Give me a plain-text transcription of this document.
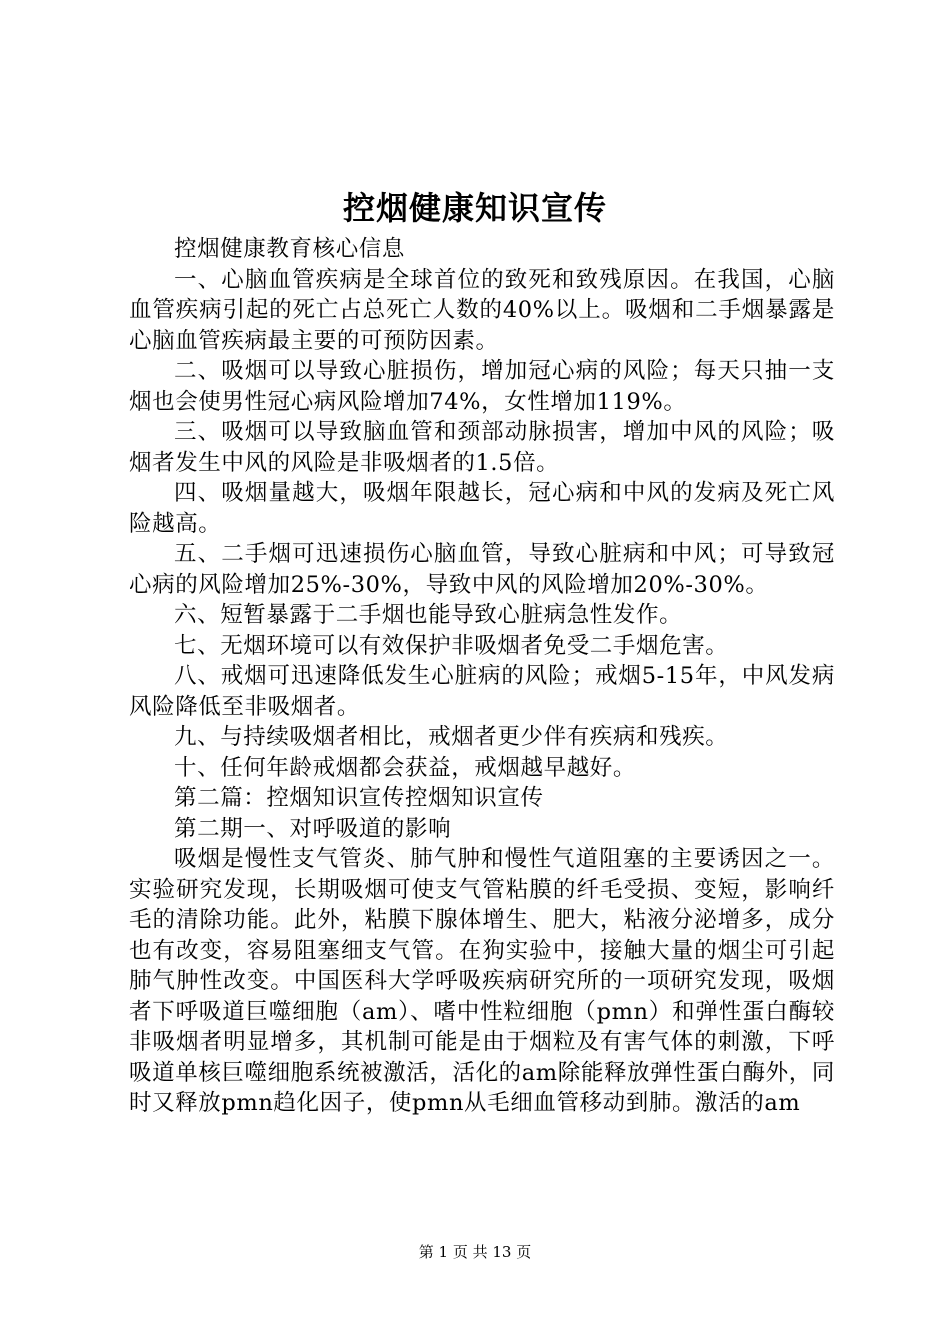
控烟健康知识宣传

控烟健康教育核心信息

一、心脑血管疾病是全球首位的致死和致残原因。在我国，心脑血管疾病引起的死亡占总死亡人数的40%以上。吸烟和二手烟暴露是心脑血管疾病最主要的可预防因素。

二、吸烟可以导致心脏损伤，增加冠心病的风险；每天只抽一支烟也会使男性冠心病风险增加74%，女性增加119%。

三、吸烟可以导致脑血管和颈部动脉损害，增加中风的风险；吸烟者发生中风的风险是非吸烟者的1.5倍。

四、吸烟量越大，吸烟年限越长，冠心病和中风的发病及死亡风险越高。

五、二手烟可迅速损伤心脑血管，导致心脏病和中风；可导致冠心病的风险增加25%-30%，导致中风的风险增加20%-30%。

六、短暂暴露于二手烟也能导致心脏病急性发作。

七、无烟环境可以有效保护非吸烟者免受二手烟危害。

八、戒烟可迅速降低发生心脏病的风险；戒烟5-15年，中风发病风险降低至非吸烟者。

九、与持续吸烟者相比，戒烟者更少伴有疾病和残疾。

十、任何年龄戒烟都会获益，戒烟越早越好。

第二篇：控烟知识宣传控烟知识宣传

第二期一、对呼吸道的影响

吸烟是慢性支气管炎、肺气肿和慢性气道阻塞的主要诱因之一。实验研究发现，长期吸烟可使支气管粘膜的纤毛受损、变短，影响纤毛的清除功能。此外，粘膜下腺体增生、肥大，粘液分泌增多，成分也有改变，容易阻塞细支气管。在狗实验中，接触大量的烟尘可引起肺气肿性改变。中国医科大学呼吸疾病研究所的一项研究发现，吸烟者下呼吸道巨噬细胞（am）、嗜中性粒细胞（pmn）和弹性蛋白酶较非吸烟者明显增多，其机制可能是由于烟粒及有害气体的刺激，下呼吸道单核巨噬细胞系统被激活，活化的am除能释放弹性蛋白酶外，同时又释放pmn趋化因子，使pmn从毛细血管移动到肺。激活的am

第 1 页 共 13 页
